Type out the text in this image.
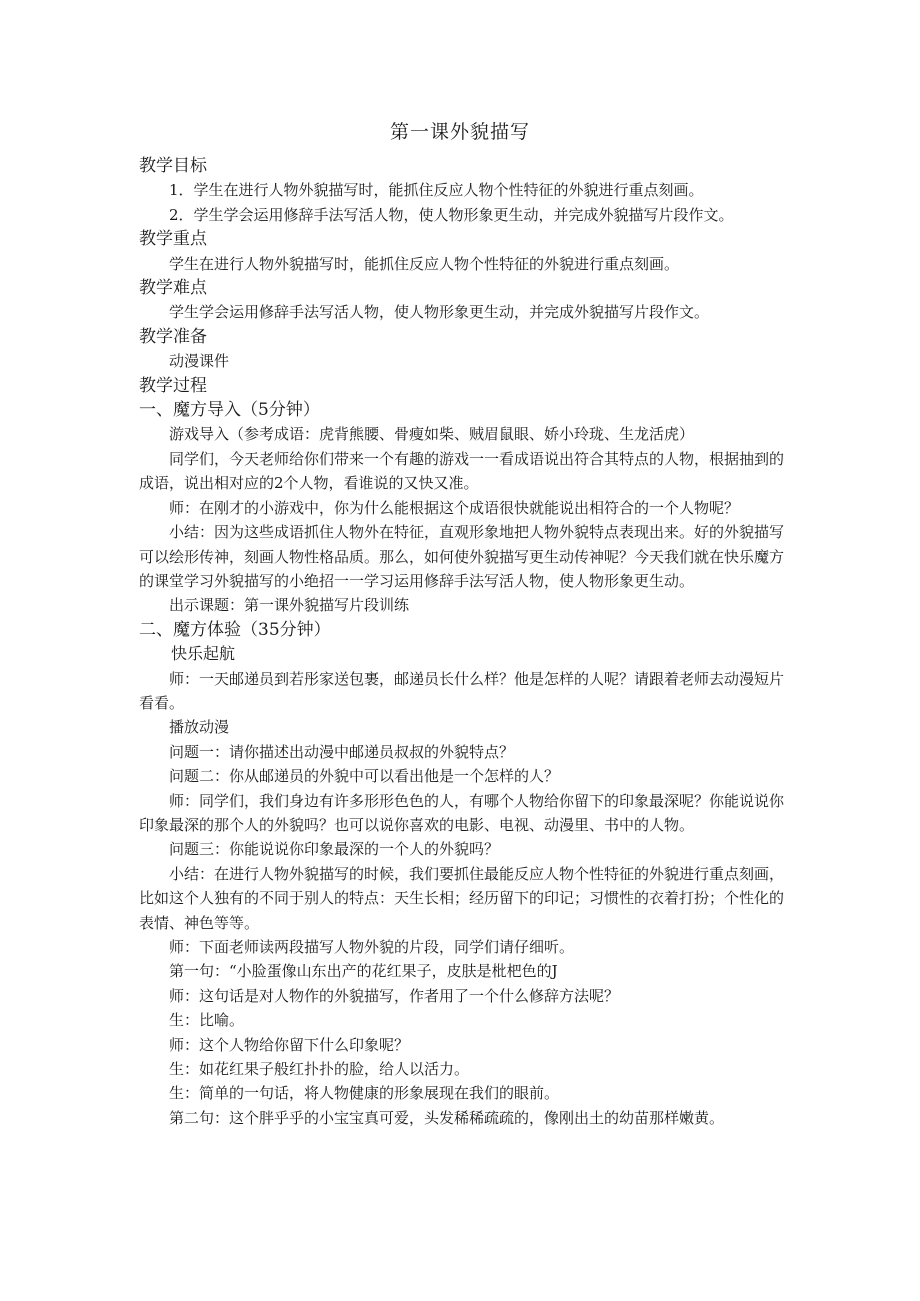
第一课外貌描写
教学目标
1．学生在进行人物外貌描写时，能抓住反应人物个性特征的外貌进行重点刻画。
2．学生学会运用修辞手法写活人物，使人物形象更生动，并完成外貌描写片段作文。
教学重点
学生在进行人物外貌描写时，能抓住反应人物个性特征的外貌进行重点刻画。
教学难点
学生学会运用修辞手法写活人物，使人物形象更生动，并完成外貌描写片段作文。
教学准备
动漫课件
教学过程
一、魔方导入（5分钟）
游戏导入（参考成语：虎背熊腰、骨瘦如柴、贼眉鼠眼、娇小玲珑、生龙活虎）
同学们，今天老师给你们带来一个有趣的游戏一一看成语说出符合其特点的人物，根据抽到的成语，说出相对应的2个人物，看谁说的又快又准。
师：在刚才的小游戏中，你为什么能根据这个成语很快就能说出相符合的一个人物呢？
小结：因为这些成语抓住人物外在特征，直观形象地把人物外貌特点表现出来。好的外貌描写可以绘形传神，刻画人物性格品质。那么，如何使外貌描写更生动传神呢？今天我们就在快乐魔方的课堂学习外貌描写的小绝招一一学习运用修辞手法写活人物，使人物形象更生动。
出示课题：第一课外貌描写片段训练
二、魔方体验（35分钟）
快乐起航
师：一天邮递员到若彤家送包裹，邮递员长什么样？他是怎样的人呢？请跟着老师去动漫短片看看。
播放动漫
问题一：请你描述出动漫中邮递员叔叔的外貌特点？
问题二：你从邮递员的外貌中可以看出他是一个怎样的人？
师：同学们，我们身边有许多形形色色的人，有哪个人物给你留下的印象最深呢？你能说说你印象最深的那个人的外貌吗？也可以说你喜欢的电影、电视、动漫里、书中的人物。
问题三：你能说说你印象最深的一个人的外貌吗？
小结：在进行人物外貌描写的时候，我们要抓住最能反应人物个性特征的外貌进行重点刻画，比如这个人独有的不同于别人的特点：天生长相；经历留下的印记；习惯性的衣着打扮；个性化的表情、神色等等。
师：下面老师读两段描写人物外貌的片段，同学们请仔细听。
第一句：“小脸蛋像山东出产的花红果子，皮肤是枇杷色的J
师：这句话是对人物作的外貌描写，作者用了一个什么修辞方法呢？
生：比喻。
师：这个人物给你留下什么印象呢？
生：如花红果子般红扑扑的脸，给人以活力。
生：简单的一句话，将人物健康的形象展现在我们的眼前。
第二句：这个胖乎乎的小宝宝真可爱，头发稀稀疏疏的，像刚出土的幼苗那样嫩黄。
